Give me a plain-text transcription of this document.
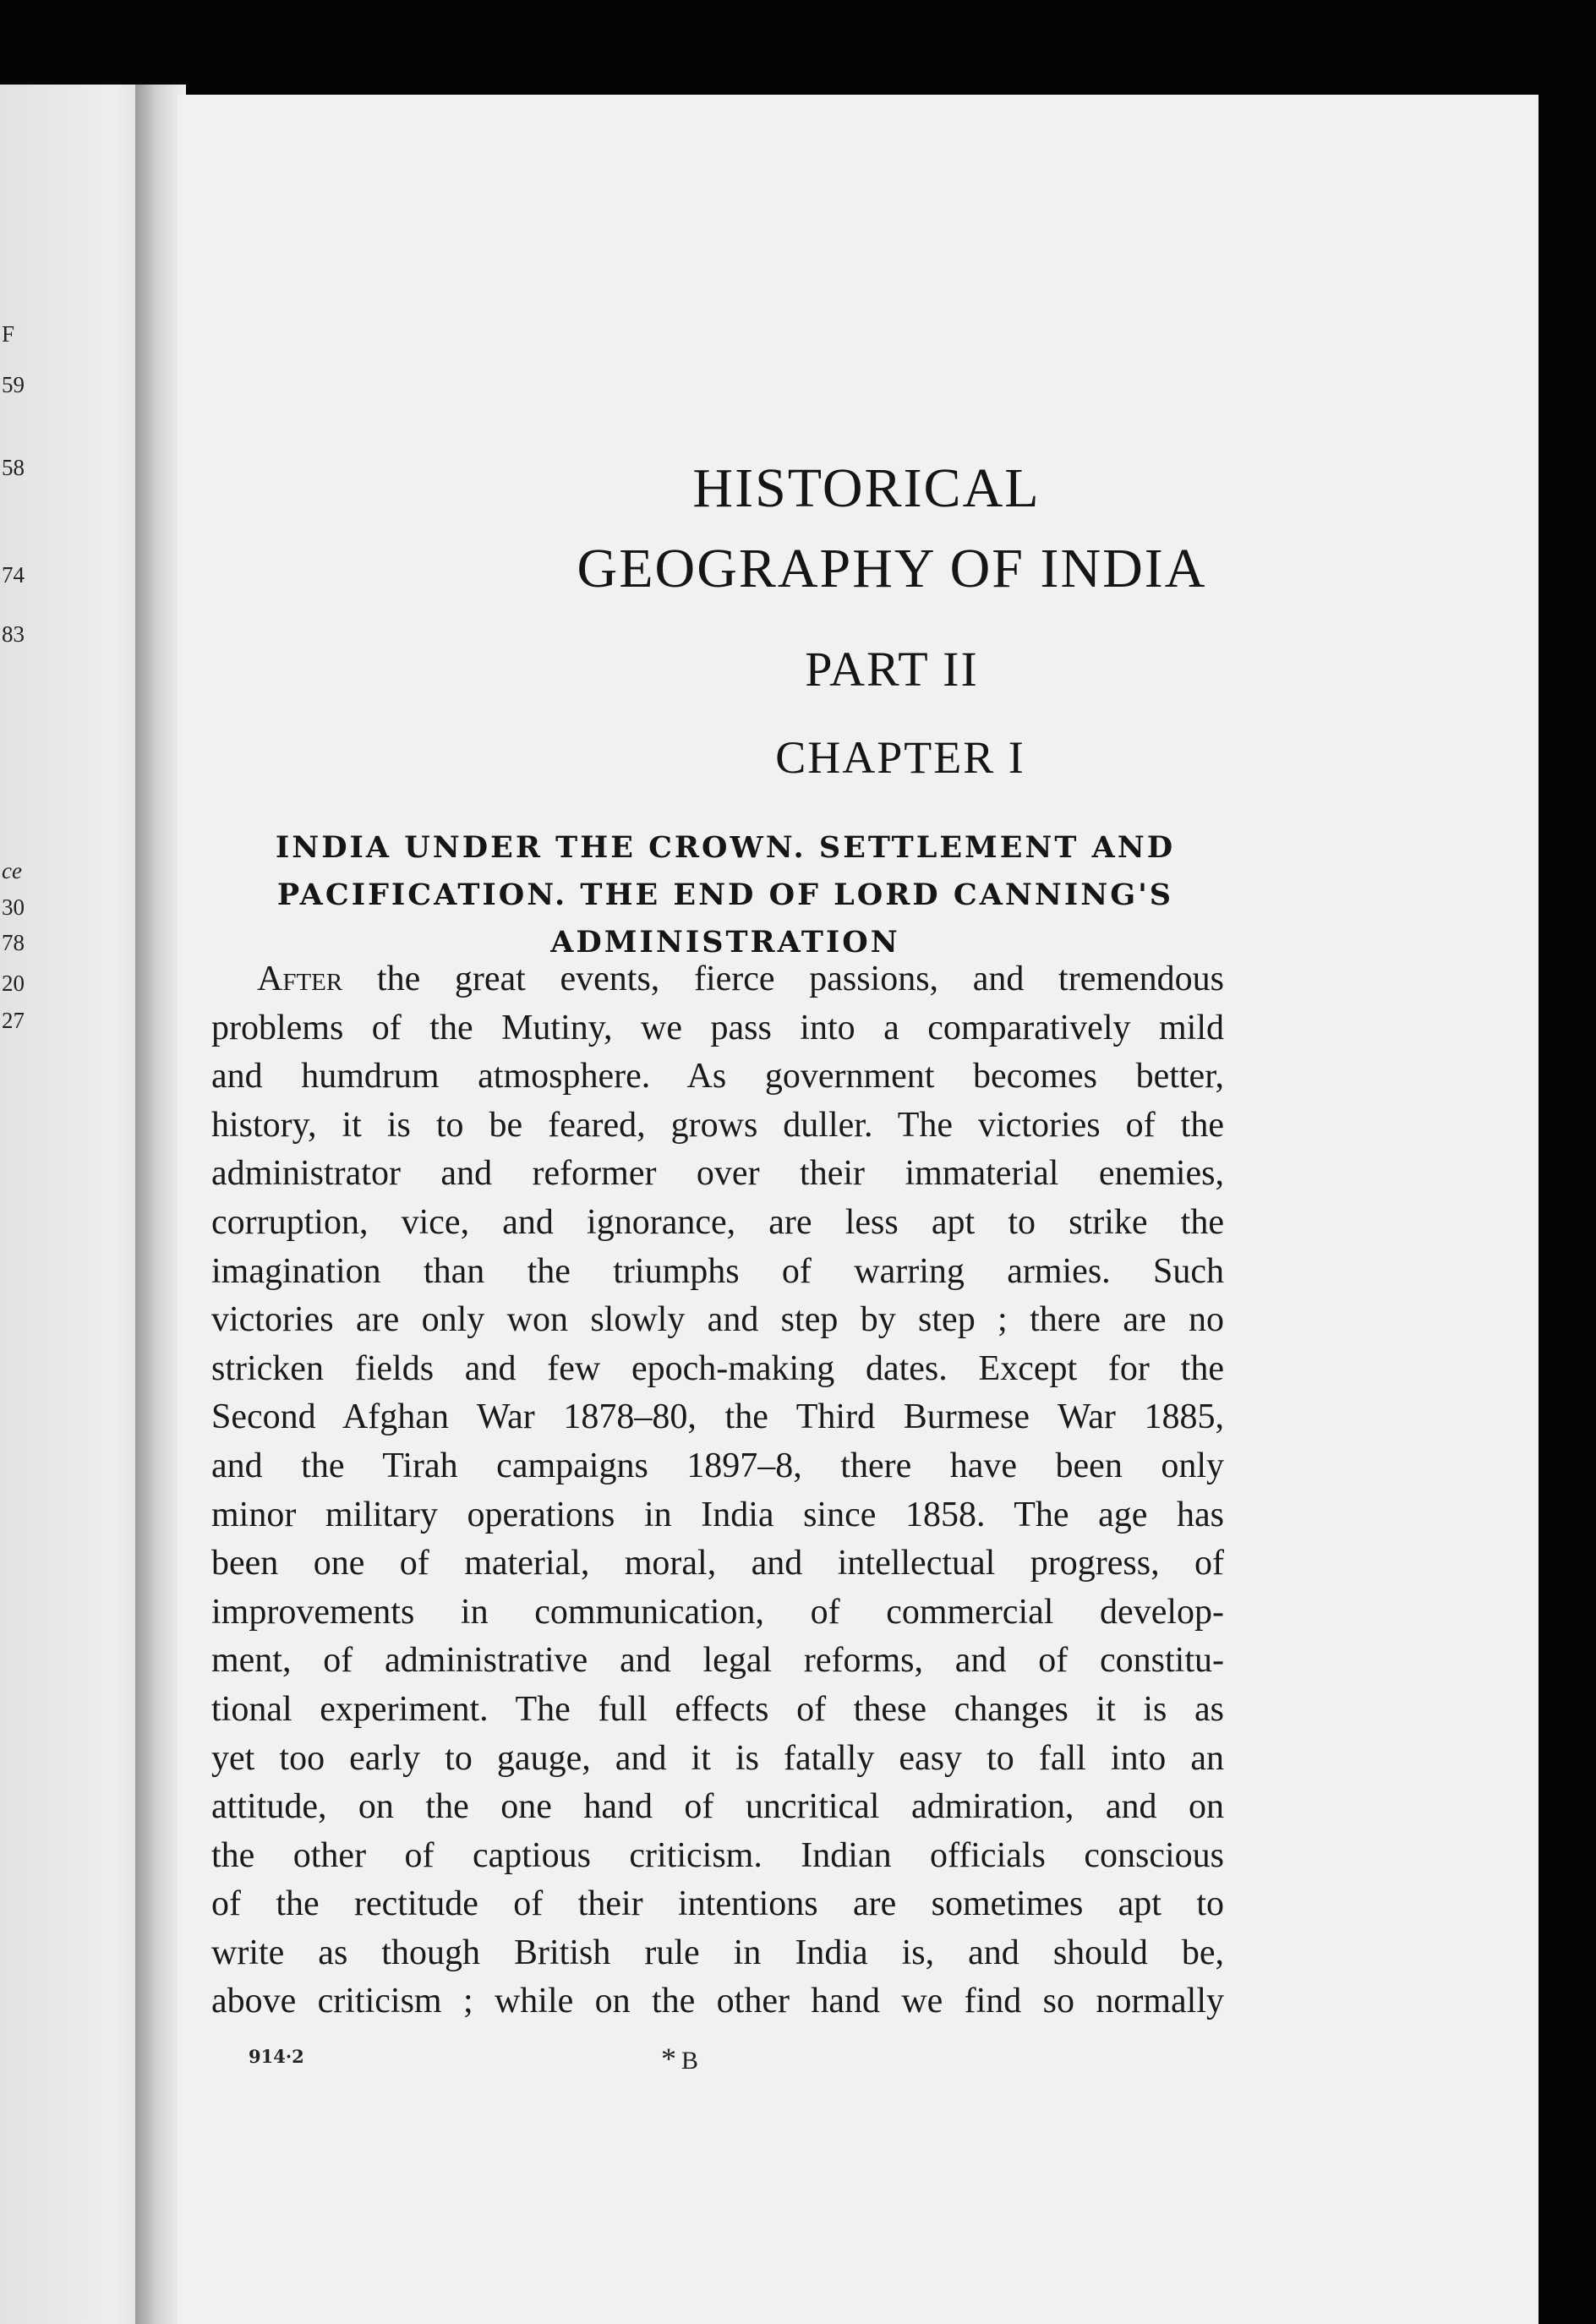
F
59
58
74
83
ce
30
78
20
27
HISTORICAL
GEOGRAPHY OF INDIA
PART II
CHAPTER I
INDIA UNDER THE CROWN. SETTLEMENT AND
PACIFICATION. THE END OF LORD CANNING'S
ADMINISTRATION
After the great events, fierce passions, and tremendous
problems of the Mutiny, we pass into a comparatively mild
and humdrum atmosphere. As government becomes better,
history, it is to be feared, grows duller. The victories of the
administrator and reformer over their immaterial enemies,
corruption, vice, and ignorance, are less apt to strike the
imagination than the triumphs of warring armies. Such
victories are only won slowly and step by step ; there are no
stricken fields and few epoch-making dates. Except for the
Second Afghan War 1878–80, the Third Burmese War 1885,
and the Tirah campaigns 1897–8, there have been only
minor military operations in India since 1858. The age has
been one of material, moral, and intellectual progress, of
improvements in communication, of commercial develop-
ment, of administrative and legal reforms, and of constitu-
tional experiment. The full effects of these changes it is as
yet too early to gauge, and it is fatally easy to fall into an
attitude, on the one hand of uncritical admiration, and on
the other of captious criticism. Indian officials conscious
of the rectitude of their intentions are sometimes apt to
write as though British rule in India is, and should be,
above criticism ; while on the other hand we find so normally
914·2	* B
